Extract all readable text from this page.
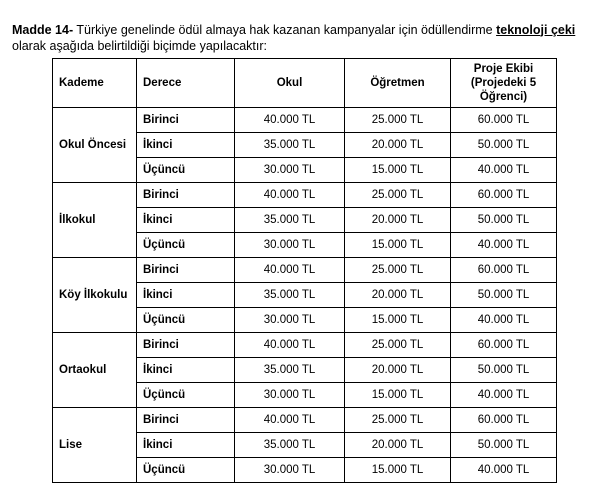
Madde 14- Türkiye genelinde ödül almaya hak kazanan kampanyalar için ödüllendirme teknoloji çeki olarak aşağıda belirtildiği biçimde yapılacaktır:

Kademe	Derece	Okul	Öğretmen	Proje Ekibi (Projedeki 5 Öğrenci)
Okul Öncesi	Birinci	40.000 TL	25.000 TL	60.000 TL
	İkinci	35.000 TL	20.000 TL	50.000 TL
	Üçüncü	30.000 TL	15.000 TL	40.000 TL
İlkokul	Birinci	40.000 TL	25.000 TL	60.000 TL
	İkinci	35.000 TL	20.000 TL	50.000 TL
	Üçüncü	30.000 TL	15.000 TL	40.000 TL
Köy İlkokulu	Birinci	40.000 TL	25.000 TL	60.000 TL
	İkinci	35.000 TL	20.000 TL	50.000 TL
	Üçüncü	30.000 TL	15.000 TL	40.000 TL
Ortaokul	Birinci	40.000 TL	25.000 TL	60.000 TL
	İkinci	35.000 TL	20.000 TL	50.000 TL
	Üçüncü	30.000 TL	15.000 TL	40.000 TL
Lise	Birinci	40.000 TL	25.000 TL	60.000 TL
	İkinci	35.000 TL	20.000 TL	50.000 TL
	Üçüncü	30.000 TL	15.000 TL	40.000 TL
